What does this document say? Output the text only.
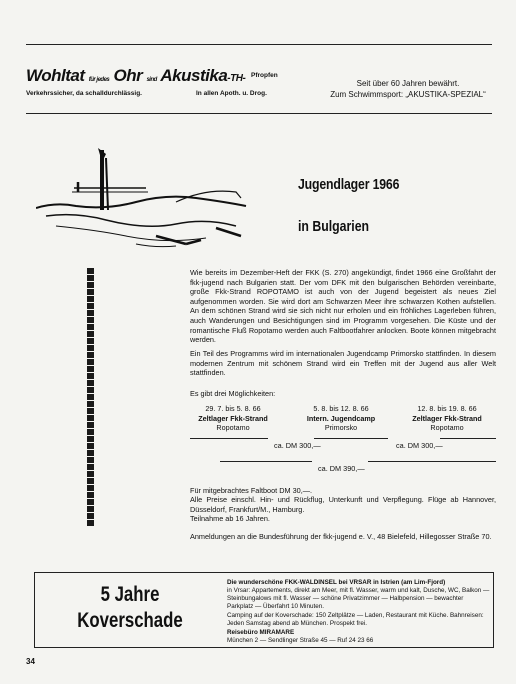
Wohltat für jedes Ohr sind Akustika-TH- Pfropfen
Verkehrssicher, da schalldurchlässig.	In allen Apoth. u. Drog.
Seit über 60 Jahren bewährt.
Zum Schwimmsport: „AKUSTIKA-SPEZIAL“
Jugendlager 1966
in Bulgarien
Wie bereits im Dezember-Heft der FKK (S. 270) angekündigt, findet 1966 eine Großfahrt der fkk-jugend nach Bulgarien statt. Der vom DFK mit den bulgarischen Behörden vereinbarte, große Fkk-Strand ROPOTAMO ist auch von der Jugend begeistert als neues Ziel aufgenommen worden. Sie wird dort am Schwarzen Meer ihre schwarzen Kothen aufstellen. An dem schönen Strand wird sie sich nicht nur erholen und ein fröhliches Lagerleben führen, auch Wanderungen und Besichtigungen sind im Programm vorgesehen. Die Küste und der romantische Fluß Ropotamo werden auch Faltbootfahrer anlocken. Boote können mitgebracht werden.
Ein Teil des Programms wird im internationalen Jugendcamp Primorsko stattfinden. In diesem modernen Zentrum mit schönem Strand wird ein Treffen mit der Jugend aus aller Welt stattfinden.
Es gibt drei Möglichkeiten:
29. 7. bis 5. 8. 66
Zeltlager Fkk-Strand
Ropotamo
5. 8. bis 12. 8. 66
Intern. Jugendcamp
Primorsko
12. 8. bis 19. 8. 66
Zeltlager Fkk-Strand
Ropotamo
ca. DM 300,—	ca. DM 300,—
ca. DM 390,—
Für mitgebrachtes Faltboot DM 30,—.
Alle Preise einschl. Hin- und Rückflug, Unterkunft und Verpflegung. Flüge ab Hannover, Düsseldorf, Frankfurt/M., Hamburg.
Teilnahme ab 16 Jahren.
Anmeldungen an die Bundesführung der fkk-jugend e. V., 48 Bielefeld, Hillegosser Straße 70.
5 Jahre
Koverschade
Die wunderschöne FKK-WALDINSEL bei VRSAR in Istrien (am Lim-Fjord)
in Vrsar: Appartements, direkt am Meer, mit fl. Wasser, warm und kalt, Dusche, WC, Balkon — Steinbungalows mit fl. Wasser — schöne Privatzimmer — Halbpension — bewachter Parkplatz — Überfahrt 10 Minuten.
Camping auf der Koverschade: 150 Zeltplätze — Laden, Restaurant mit Küche. Bahnreisen: Jeden Samstag abend ab München. Prospekt frei.
Reisebüro MIRAMARE
München 2 — Sendlinger Straße 45 — Ruf 24 23 66
34
